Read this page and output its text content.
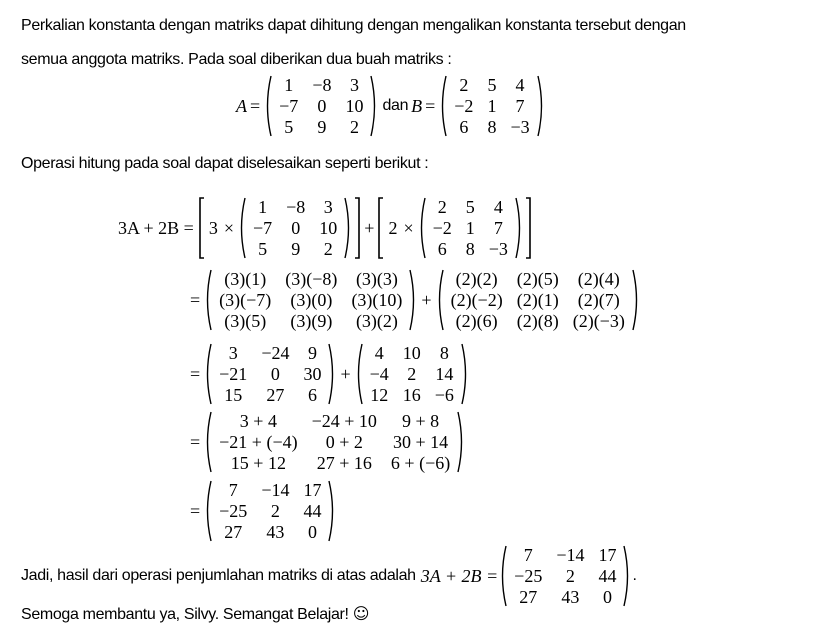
Perkalian konstanta dengan matriks dapat dihitung dengan mengalikan konstanta tersebut dengan
semua anggota matriks. Pada soal diberikan dua buah matriks :
A =
1	−8	3
−7	0	10
5	9	2
dan B =
2	5	4
−2 1	7
6	8 −3
Operasi hitung pada soal dapat diselesaikan seperti berikut :
3A + 2B = 3 ×
1	−8	3
−7	0	10
5	9	2
+ 2 ×
2	5	4
−2 1	7
6	8 −3
=
(3)(1)	(3)(−8)	(3)(3)
(3)(−7)	(3)(0)	(3)(10)
(3)(5)	(3)(9)	(3)(2)
+
(2)(2)	(2)(5)	(2)(4)
(2)(−2) (2)(1)	(2)(7)
(2)(6)	(2)(8) (2)(−3)
=
3	−24	9
−21	0	30
15	27	6
+
4	10	8
−4	2	14
12 16 −6
=
3 + 4	−24 + 10	9 + 8
−21 + (−4)	0 + 2	30 + 14
15 + 12	27 + 16	6 + (−6)
=
7	−14 17
−25	2	44
27	43	0
Jadi, hasil dari operasi penjumlahan matriks di atas adalah 3A + 2B =
7	−14 17
−25	2	44
27	43	0
.
Semoga membantu ya, Silvy. Semangat Belajar! ☺
